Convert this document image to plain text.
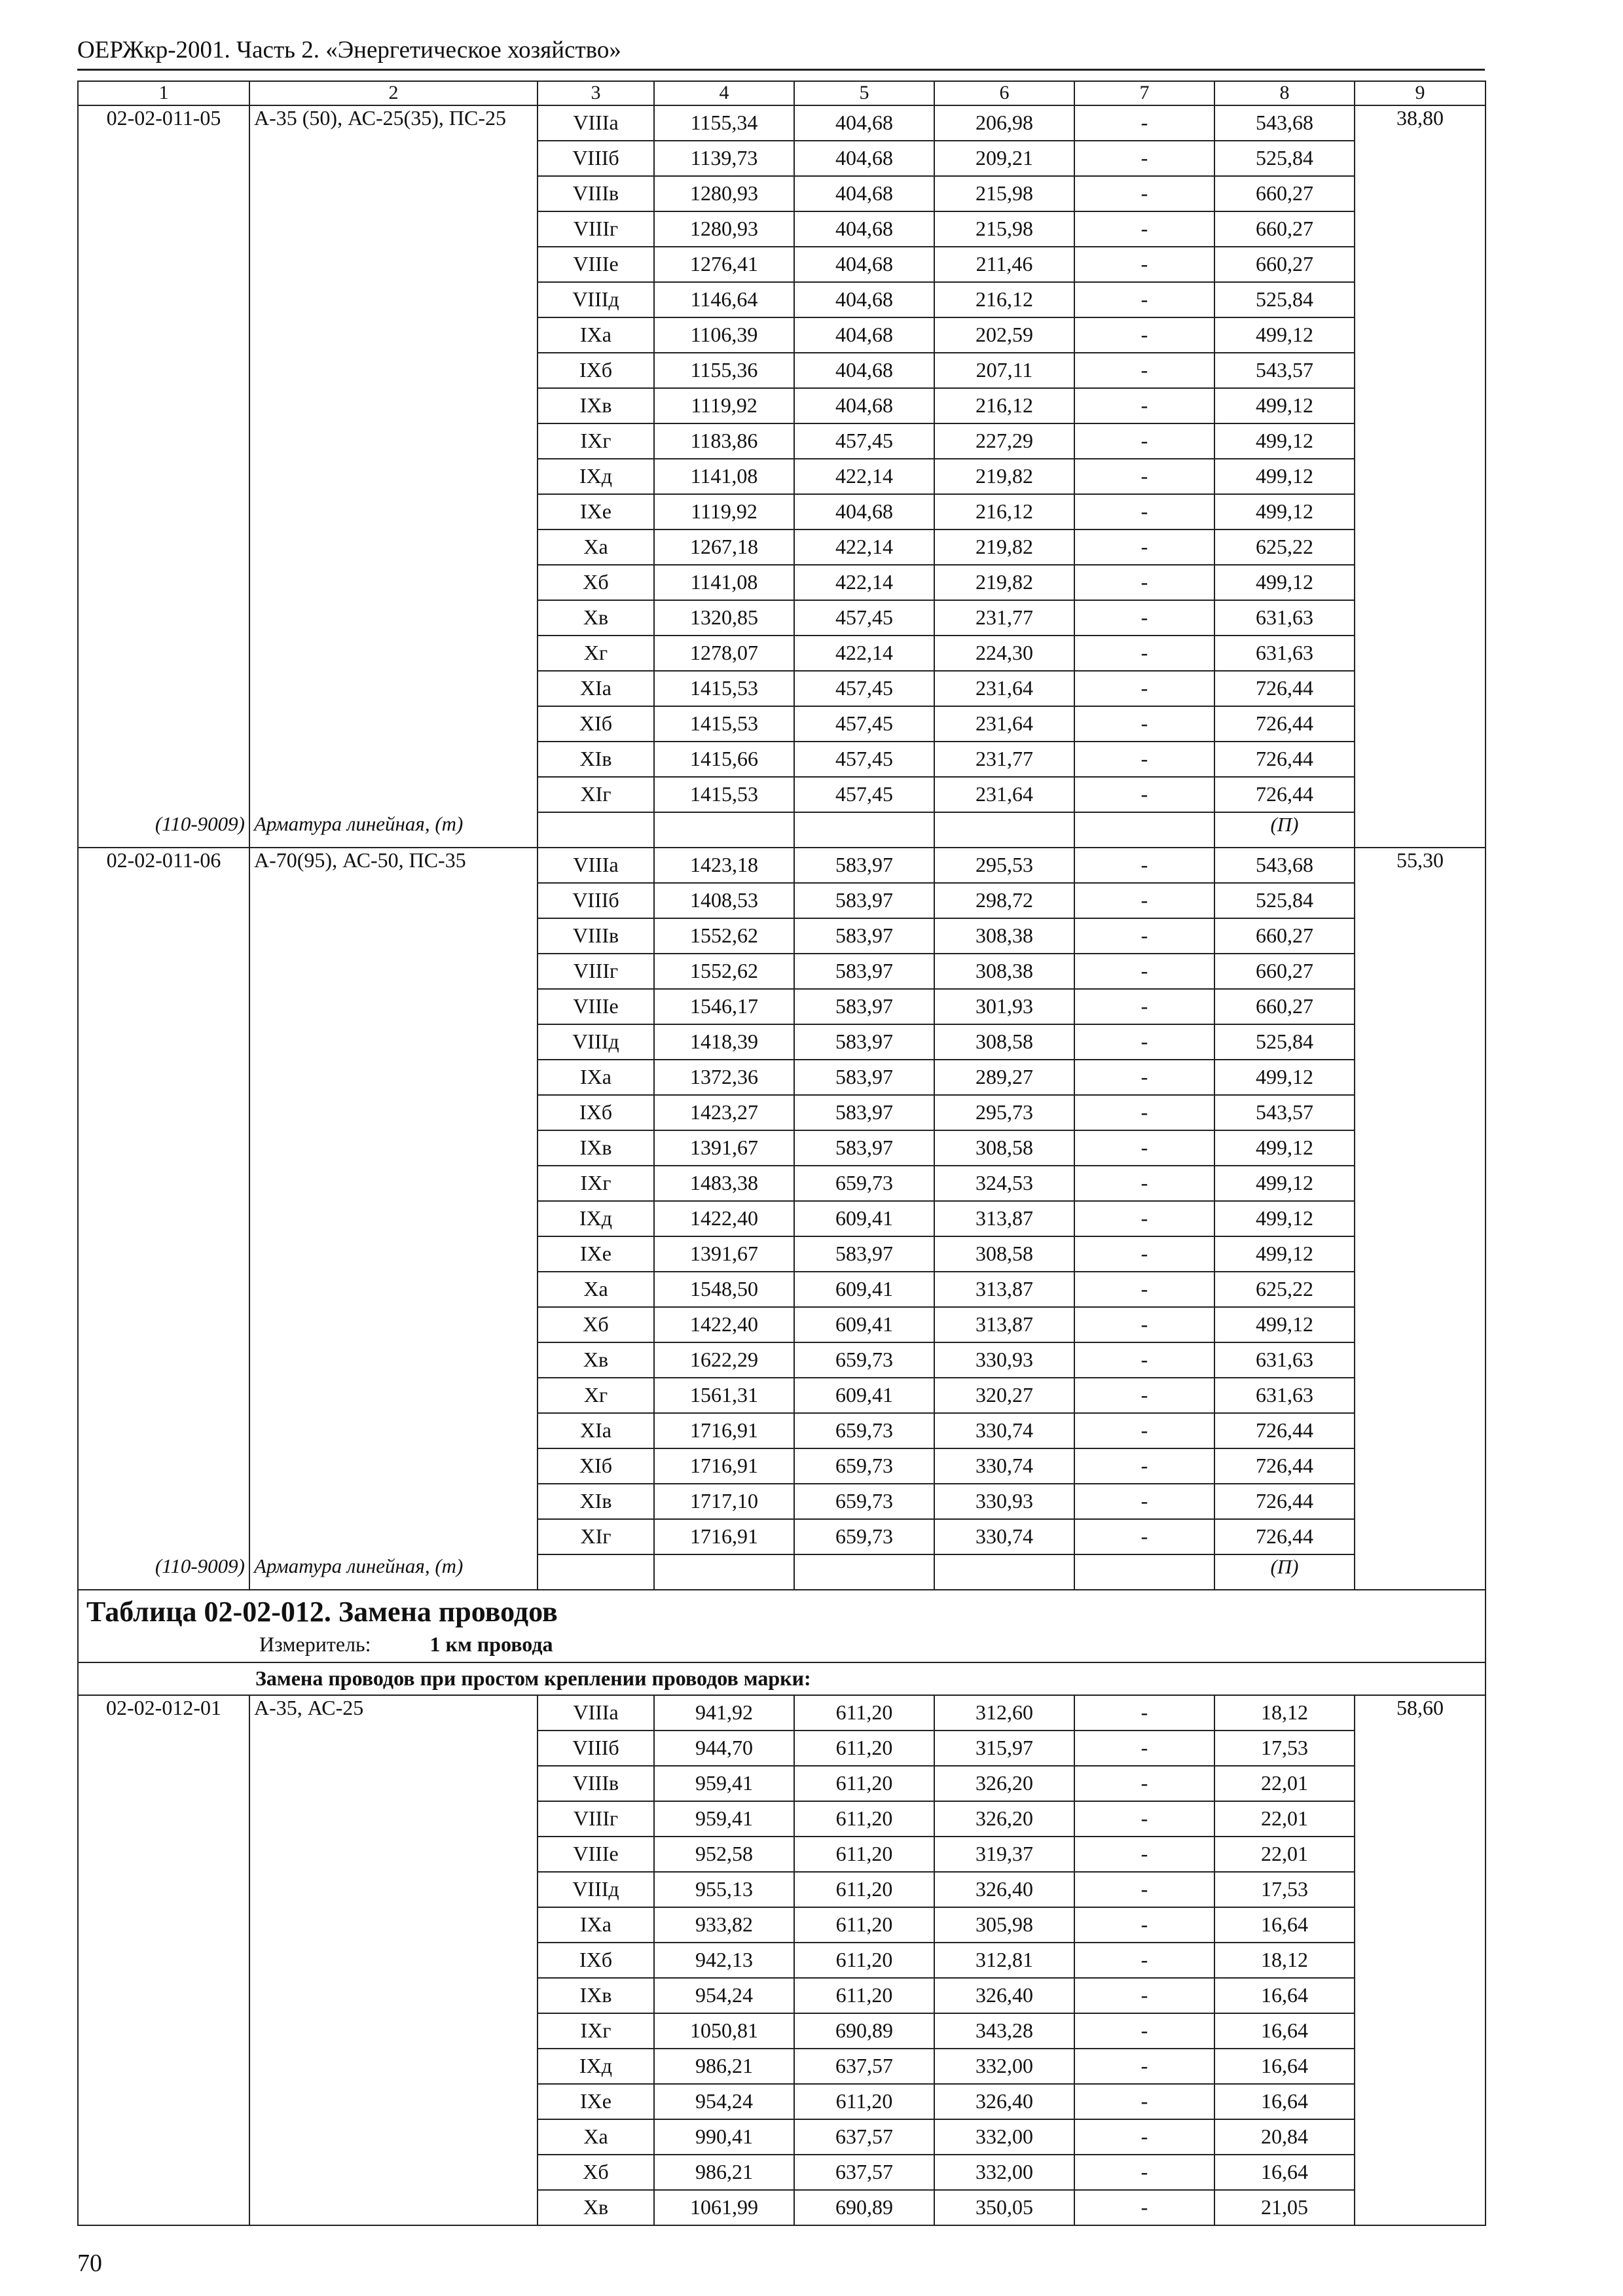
ОЕРЖкр-2001. Часть 2. «Энергетическое хозяйство»
1	2	3	4	5	6	7	8	9
02-02-011-05	А-35 (50), АС-25(35), ПС-25	VIIIа	1155,34	404,68	206,98	-	543,68	38,80
		VIIIб	1139,73	404,68	209,21	-	525,84	
		VIIIв	1280,93	404,68	215,98	-	660,27	
		VIIIг	1280,93	404,68	215,98	-	660,27	
		VIIIе	1276,41	404,68	211,46	-	660,27	
		VIIIд	1146,64	404,68	216,12	-	525,84	
		IXа	1106,39	404,68	202,59	-	499,12	
		IXб	1155,36	404,68	207,11	-	543,57	
		IXв	1119,92	404,68	216,12	-	499,12	
		IXг	1183,86	457,45	227,29	-	499,12	
		IXд	1141,08	422,14	219,82	-	499,12	
		IXе	1119,92	404,68	216,12	-	499,12	
		Xа	1267,18	422,14	219,82	-	625,22	
		Xб	1141,08	422,14	219,82	-	499,12	
		Xв	1320,85	457,45	231,77	-	631,63	
		Xг	1278,07	422,14	224,30	-	631,63	
		XIа	1415,53	457,45	231,64	-	726,44	
		XIб	1415,53	457,45	231,64	-	726,44	
		XIв	1415,66	457,45	231,77	-	726,44	
		XIг	1415,53	457,45	231,64	-	726,44	
(110-9009)	Арматура линейная, (т)						(П)	
02-02-011-06	А-70(95), АС-50, ПС-35	VIIIа	1423,18	583,97	295,53	-	543,68	55,30
		VIIIб	1408,53	583,97	298,72	-	525,84	
		VIIIв	1552,62	583,97	308,38	-	660,27	
		VIIIг	1552,62	583,97	308,38	-	660,27	
		VIIIе	1546,17	583,97	301,93	-	660,27	
		VIIIд	1418,39	583,97	308,58	-	525,84	
		IXа	1372,36	583,97	289,27	-	499,12	
		IXб	1423,27	583,97	295,73	-	543,57	
		IXв	1391,67	583,97	308,58	-	499,12	
		IXг	1483,38	659,73	324,53	-	499,12	
		IXд	1422,40	609,41	313,87	-	499,12	
		IXе	1391,67	583,97	308,58	-	499,12	
		Xа	1548,50	609,41	313,87	-	625,22	
		Xб	1422,40	609,41	313,87	-	499,12	
		Xв	1622,29	659,73	330,93	-	631,63	
		Xг	1561,31	609,41	320,27	-	631,63	
		XIа	1716,91	659,73	330,74	-	726,44	
		XIб	1716,91	659,73	330,74	-	726,44	
		XIв	1717,10	659,73	330,93	-	726,44	
		XIг	1716,91	659,73	330,74	-	726,44	
(110-9009)	Арматура линейная, (т)						(П)	

Таблица 02-02-012. Замена проводов
Измеритель: 1 км провода								
Замена проводов при простом креплении проводов марки:								
02-02-012-01	А-35, АС-25	VIIIа	941,92	611,20	312,60	-	18,12	58,60
		VIIIб	944,70	611,20	315,97	-	17,53	
		VIIIв	959,41	611,20	326,20	-	22,01	
		VIIIг	959,41	611,20	326,20	-	22,01	
		VIIIе	952,58	611,20	319,37	-	22,01	
		VIIIд	955,13	611,20	326,40	-	17,53	
		IXа	933,82	611,20	305,98	-	16,64	
		IXб	942,13	611,20	312,81	-	18,12	
		IXв	954,24	611,20	326,40	-	16,64	
		IXг	1050,81	690,89	343,28	-	16,64	
		IXд	986,21	637,57	332,00	-	16,64	
		IXе	954,24	611,20	326,40	-	16,64	
		Xа	990,41	637,57	332,00	-	20,84	
		Xб	986,21	637,57	332,00	-	16,64	
		Xв	1061,99	690,89	350,05	-	21,05	
70
